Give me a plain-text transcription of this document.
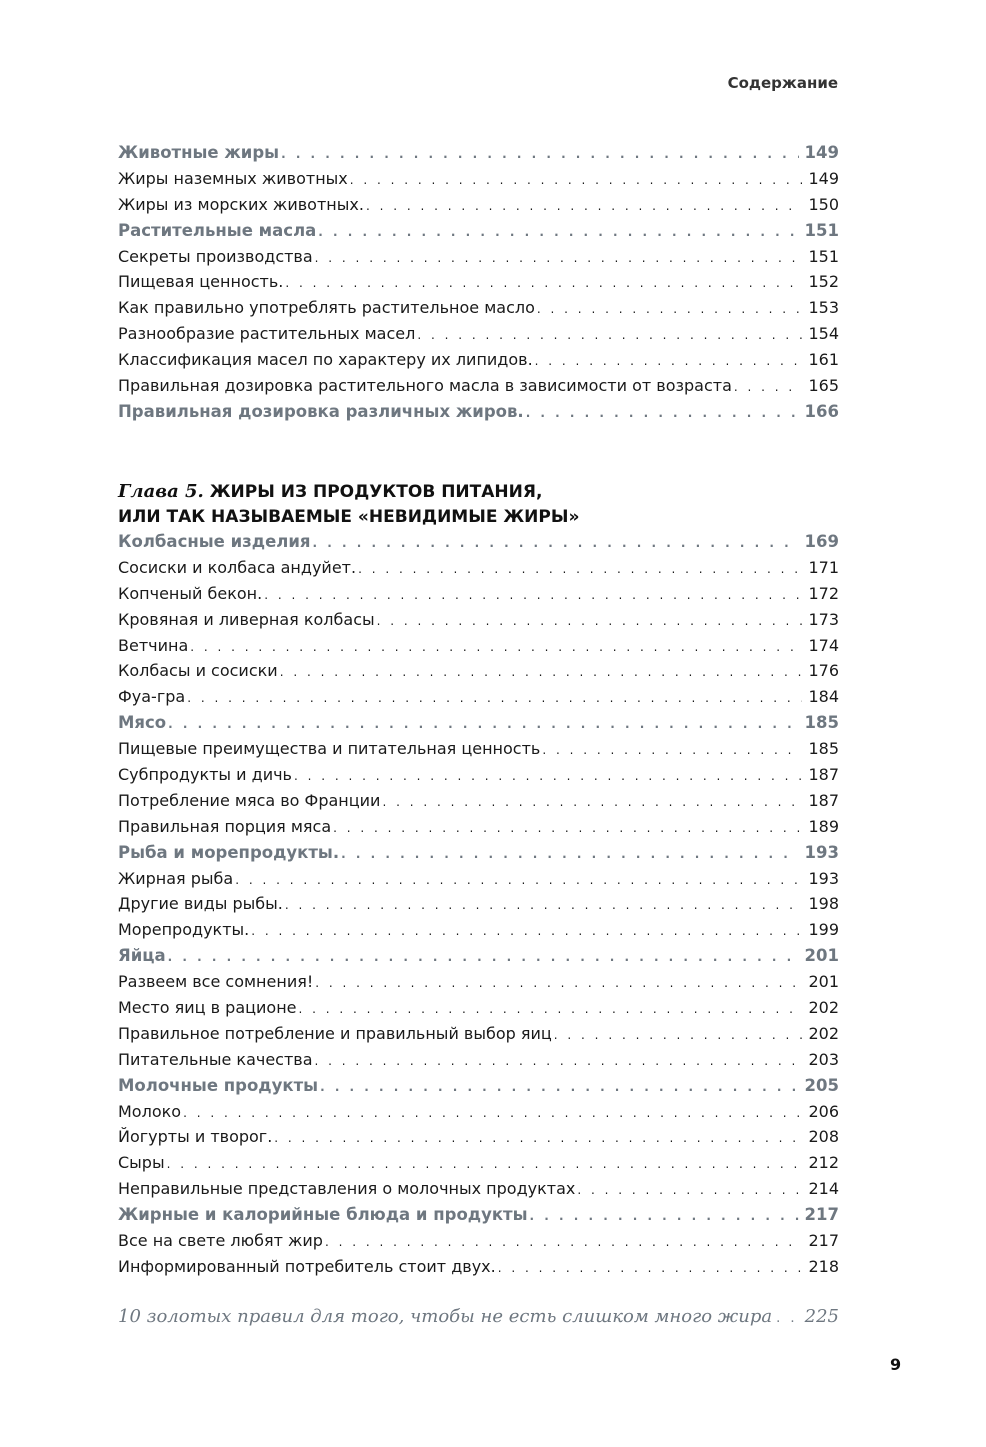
Содержание
Животные жиры . . .	149
Жиры наземных животных . . .	149
Жиры из морских животных. . . .	150
Растительные масла . . .	151
Секреты производства . . .	151
Пищевая ценность. . . .	152
Как правильно употреблять растительное масло . . .	153
Разнообразие растительных масел . . .	154
Классификация масел по характеру их липидов. . . .	161
Правильная дозировка растительного масла в зависимости от возраста . . .	165
Правильная дозировка различных жиров. . . .	166
Глава 5. ЖИРЫ ИЗ ПРОДУКТОВ ПИТАНИЯ,
ИЛИ ТАК НАЗЫВАЕМЫЕ «НЕВИДИМЫЕ ЖИРЫ»
Колбасные изделия . . .	169
Сосиски и колбаса андуйет. . . .	171
Копченый бекон. . . .	172
Кровяная и ливерная колбасы . . .	173
Ветчина . . .	174
Колбасы и сосиски . . .	176
Фуа-гра . . .	184
Мясо . . .	185
Пищевые преимущества и питательная ценность . . .	185
Субпродукты и дичь . . .	187
Потребление мяса во Франции . . .	187
Правильная порция мяса . . .	189
Рыба и морепродукты. . . .	193
Жирная рыба . . .	193
Другие виды рыбы. . . .	198
Морепродукты. . . .	199
Яйца . . .	201
Развеем все сомнения! . . .	201
Место яиц в рационе . . .	202
Правильное потребление и правильный выбор яиц . . .	202
Питательные качества . . .	203
Молочные продукты . . .	205
Молоко . . .	206
Йогурты и творог. . . .	208
Сыры . . .	212
Неправильные представления о молочных продуктах . . .	214
Жирные и калорийные блюда и продукты . . .	217
Все на свете любят жир . . .	217
Информированный потребитель стоит двух. . . .	218
10 золотых правил для того, чтобы не есть слишком много жира . . . 225
9
